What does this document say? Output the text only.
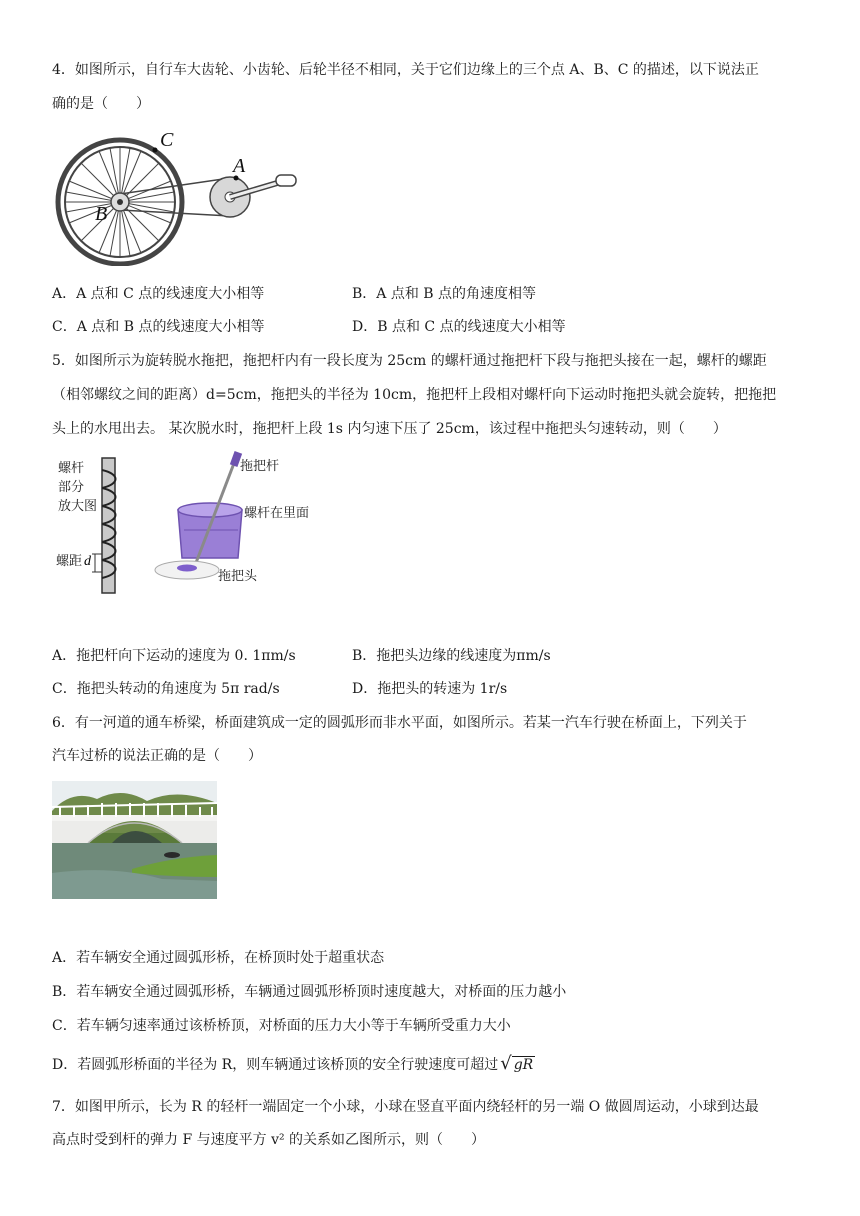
4．如图所示，自行车大齿轮、小齿轮、后轮半径不相同，关于它们边缘上的三个点 A、B、C 的描述，以下说法正
确的是（　　）
C
A
B
A．A 点和 C 点的线速度大小相等	B．A 点和 B 点的角速度相等
C．A 点和 B 点的线速度大小相等	D．B 点和 C 点的线速度大小相等
5．如图所示为旋转脱水拖把，拖把杆内有一段长度为 25cm 的螺杆通过拖把杆下段与拖把头接在一起，螺杆的螺距
（相邻螺纹之间的距离）d=5cm，拖把头的半径为 10cm，拖把杆上段相对螺杆向下运动时拖把头就会旋转，把拖把
头上的水甩出去。 某次脱水时，拖把杆上段 1s 内匀速下压了 25cm，该过程中拖把头匀速转动，则（　　）
螺杆
部分
放大图
螺距 d
拖把杆
螺杆在里面
拖把头
A．拖把杆向下运动的速度为 0. 1πm/s	B．拖把头边缘的线速度为πm/s
C．拖把头转动的角速度为 5π rad/s	D．拖把头的转速为 1r/s
6．有一河道的通车桥梁，桥面建筑成一定的圆弧形而非水平面，如图所示。若某一汽车行驶在桥面上，下列关于
汽车过桥的说法正确的是（　　）
A．若车辆安全通过圆弧形桥，在桥顶时处于超重状态
B．若车辆安全通过圆弧形桥，车辆通过圆弧形桥顶时速度越大，对桥面的压力越小
C．若车辆匀速率通过该桥桥顶，对桥面的压力大小等于车辆所受重力大小
D．若圆弧形桥面的半径为 R，则车辆通过该桥顶的安全行驶速度可超过 √ gR
7．如图甲所示，长为 R 的轻杆一端固定一个小球，小球在竖直平面内绕轻杆的另一端 O 做圆周运动，小球到达最
高点时受到杆的弹力 F 与速度平方 v² 的关系如乙图所示，则（　　）
